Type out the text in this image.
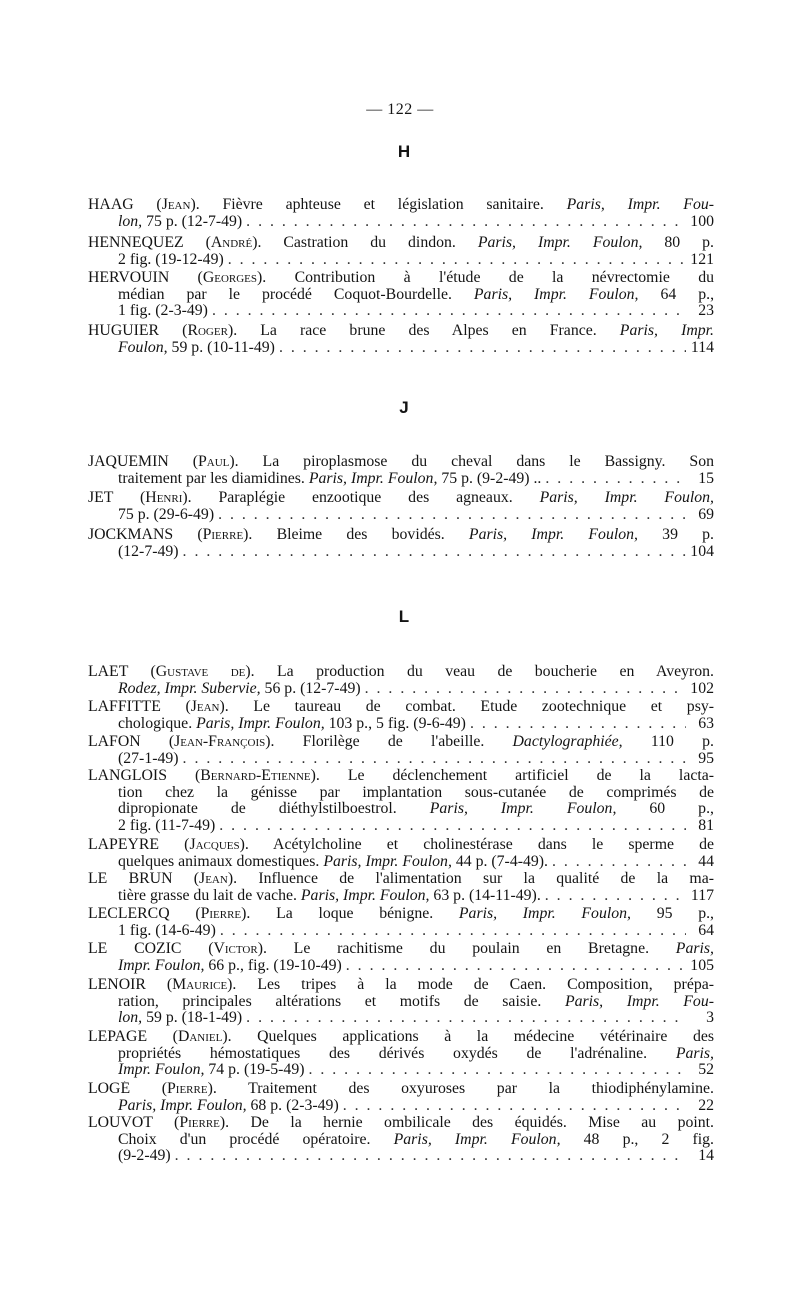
— 122 —
H
J
L
HAAG (Jean). Fièvre aphteuse et législation sanitaire. Paris, Impr. Fou-
lon, 75 p. (12-7-49) . . .	100
HENNEQUEZ (André). Castration du dindon. Paris, Impr. Foulon, 80 p.
2 fig. (19-12-49) . . .	121
HERVOUIN (Georges). Contribution à l'étude de la névrectomie du
médian par le procédé Coquot-Bourdelle. Paris, Impr. Foulon, 64 p.,
1 fig. (2-3-49) . . .	23
HUGUIER (Roger). La race brune des Alpes en France. Paris, Impr.
Foulon, 59 p. (10-11-49) . . .	114
JAQUEMIN (Paul). La piroplasmose du cheval dans le Bassigny. Son
traitement par les diamidines. Paris, Impr. Foulon, 75 p. (9-2-49) .. . . .	15
JET (Henri). Paraplégie enzootique des agneaux. Paris, Impr. Foulon,
75 p. (29-6-49) . . .	69
JOCKMANS (Pierre). Bleime des bovidés. Paris, Impr. Foulon, 39 p.
(12-7-49) . . .	104
LAET (Gustave de). La production du veau de boucherie en Aveyron.
Rodez, Impr. Subervie, 56 p. (12-7-49) . . .	102
LAFFITTE (Jean). Le taureau de combat. Etude zootechnique et psy-
chologique. Paris, Impr. Foulon, 103 p., 5 fig. (9-6-49) . . .	63
LAFON (Jean-François). Florilège de l'abeille. Dactylographiée, 110 p.
(27-1-49) . . .	95
LANGLOIS (Bernard-Etienne). Le déclenchement artificiel de la lacta-
tion chez la génisse par implantation sous-cutanée de comprimés de
dipropionate de diéthylstilboestrol. Paris, Impr. Foulon, 60 p.,
2 fig. (11-7-49) . . .	81
LAPEYRE (Jacques). Acétylcholine et cholinestérase dans le sperme de
quelques animaux domestiques. Paris, Impr. Foulon, 44 p. (7-4-49). . . .	44
LE BRUN (Jean). Influence de l'alimentation sur la qualité de la ma-
tière grasse du lait de vache. Paris, Impr. Foulon, 63 p. (14-11-49). . . .	117
LECLERCQ (Pierre). La loque bénigne. Paris, Impr. Foulon, 95 p.,
1 fig. (14-6-49) . . .	64
LE COZIC (Victor). Le rachitisme du poulain en Bretagne. Paris,
Impr. Foulon, 66 p., fig. (19-10-49) . . .	105
LENOIR (Maurice). Les tripes à la mode de Caen. Composition, prépa-
ration, principales altérations et motifs de saisie. Paris, Impr. Fou-
lon, 59 p. (18-1-49) . . .	3
LEPAGE (Daniel). Quelques applications à la médecine vétérinaire des
propriétés hémostatiques des dérivés oxydés de l'adrénaline. Paris,
Impr. Foulon, 74 p. (19-5-49) . . .	52
LOGÉ (Pierre). Traitement des oxyuroses par la thiodiphénylamine.
Paris, Impr. Foulon, 68 p. (2-3-49) . . .	22
LOUVOT (Pierre). De la hernie ombilicale des équidés. Mise au point.
Choix d'un procédé opératoire. Paris, Impr. Foulon, 48 p., 2 fig.
(9-2-49) . . .	14
